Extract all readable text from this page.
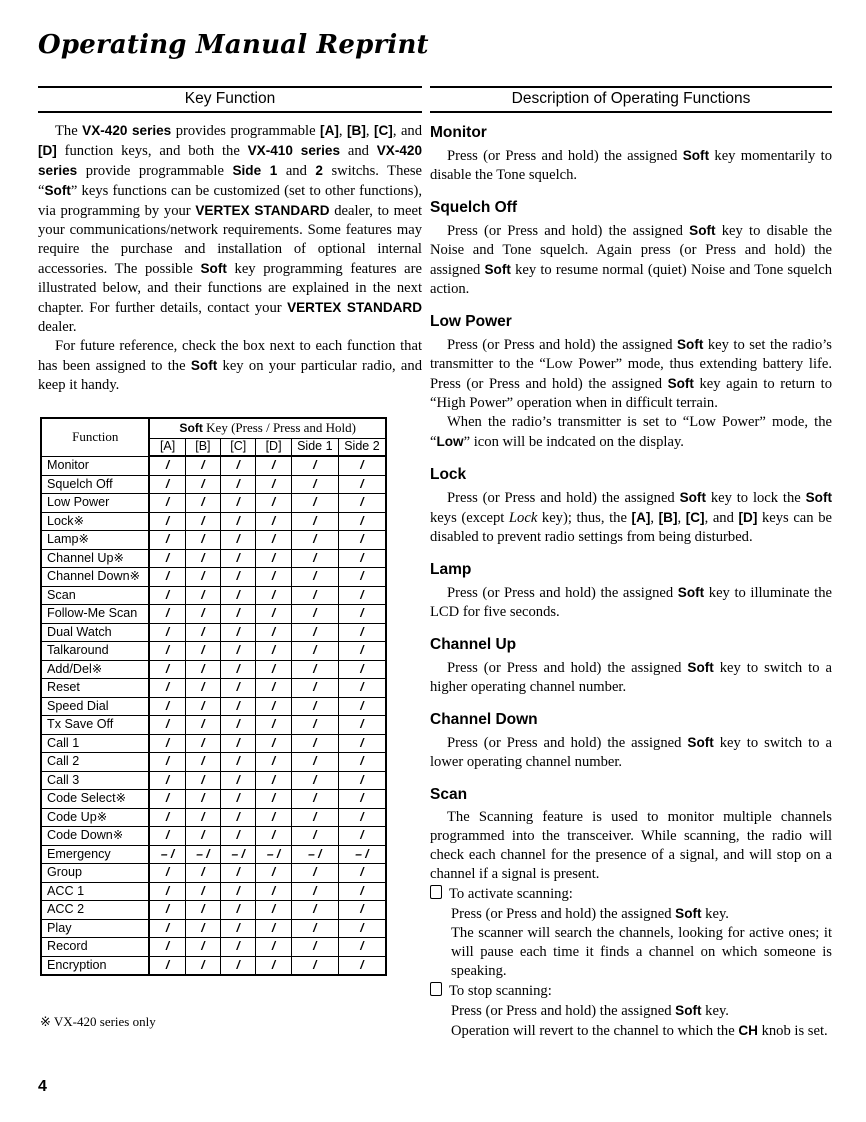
Operating Manual Reprint
Key Function

The VX-420 series provides programmable [A], [B], [C], and [D] function keys, and both the VX-410 series and VX-420 series provide programmable Side 1 and 2 switchs. These “Soft” keys functions can be customized (set to other functions), via programming by your VERTEX STANDARD dealer, to meet your communications/network requirements. Some features may require the purchase and installation of optional internal accessories. The possible Soft key programming features are illustrated below, and their functions are explained in the next chapter. For further details, contact your VERTEX STANDARD dealer.

For future reference, check the box next to each function that has been assigned to the Soft key on your particular radio, and keep it handy.

Function	Soft Key (Press / Press and Hold)					
	[A]	[B]	[C]	[D]	Side 1	Side 2
Monitor	/	/	/	/	/	/
Squelch Off	/	/	/	/	/	/
Low Power	/	/	/	/	/	/
Lock※	/	/	/	/	/	/
Lamp※	/	/	/	/	/	/
Channel Up※	/	/	/	/	/	/
Channel Down※	/	/	/	/	/	/
Scan	/	/	/	/	/	/
Follow-Me Scan	/	/	/	/	/	/
Dual Watch	/	/	/	/	/	/
Talkaround	/	/	/	/	/	/
Add/Del※	/	/	/	/	/	/
Reset	/	/	/	/	/	/
Speed Dial	/	/	/	/	/	/
Tx Save Off	/	/	/	/	/	/
Call 1	/	/	/	/	/	/
Call 2	/	/	/	/	/	/
Call 3	/	/	/	/	/	/
Code Select※	/	/	/	/	/	/
Code Up※	/	/	/	/	/	/
Code Down※	/	/	/	/	/	/
Emergency	– /	– /	– /	– /	– /	– /
Group	/	/	/	/	/	/
ACC 1	/	/	/	/	/	/
ACC 2	/	/	/	/	/	/
Play	/	/	/	/	/	/
Record	/	/	/	/	/	/
Encryption	/	/	/	/	/	/

※ VX-420 series only

Description of Operating Functions
Monitor

Press (or Press and hold) the assigned Soft key momentarily to disable the Tone squelch.

Squelch Off

Press (or Press and hold) the assigned Soft key to disable the Noise and Tone squelch. Again press (or Press and hold) the assigned Soft key to resume normal (quiet) Noise and Tone squelch action.

Low Power

Press (or Press and hold) the assigned Soft key to set the radio’s transmitter to the “Low Power” mode, thus extending battery life. Press (or Press and hold) the assigned Soft key again to return to “High Power” operation when in difficult terrain.

When the radio’s transmitter is set to “Low Power” mode, the “Low” icon will be indcated on the display.

Lock

Press (or Press and hold) the assigned Soft key to lock the Soft keys (except Lock key); thus, the [A], [B], [C], and [D] keys can be disabled to prevent radio settings from being disturbed.

Lamp

Press (or Press and hold) the assigned Soft key to illuminate the LCD for five seconds.

Channel Up

Press (or Press and hold) the assigned Soft key to switch to a higher operating channel number.

Channel Down

Press (or Press and hold) the assigned Soft key to switch to a lower operating channel number.

Scan

The Scanning feature is used to monitor multiple channels programmed into the transceiver. While scanning, the radio will check each channel for the presence of a signal, and will stop on a channel if a signal is present.

To activate scanning:

Press (or Press and hold) the assigned Soft key.

The scanner will search the channels, looking for active ones; it will pause each time it finds a channel on which someone is speaking.

To stop scanning:

Press (or Press and hold) the assigned Soft key.

Operation will revert to the channel to which the CH knob is set.

4
